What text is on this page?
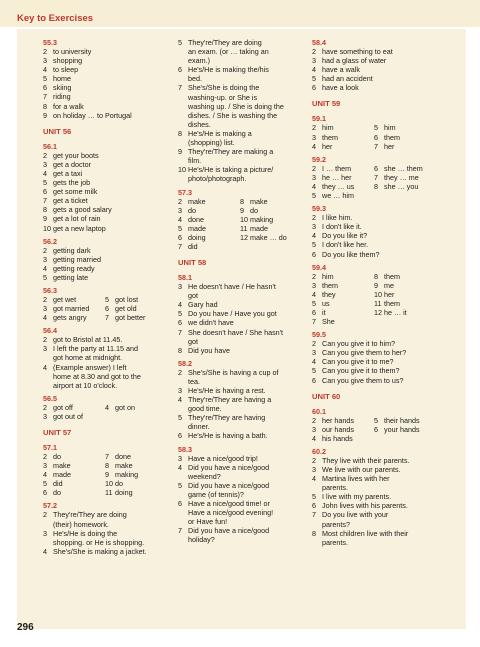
Key to Exercises
55.3
2 to university
3 shopping
4 to sleep
5 home
6 skiing
7 riding
8 for a walk
9 on holiday … to Portugal
UNIT 56
56.1
2 get your boots
3 get a doctor
4 get a taxi
5 gets the job
6 get some milk
7 get a ticket
8 gets a good salary
9 get a lot of rain
10 get a new laptop
56.2
2 getting dark
3 getting married
4 getting ready
5 getting late
56.3
2 get wet	5 got lost
3 got married	6 get old
4 gets angry	7 got better
56.4
2 got to Bristol at 11.45.
3 I left the party at 11.15 and
got home at midnight.
4 (Example answer) I left
home at 8.30 and got to the
airport at 10 o'clock.
56.5
2 got off	4 got on
3 got out of
UNIT 57
57.1
2 do	7 done
3 make	8 make
4 made	9 making
5 did	10 do
6 do	11 doing
57.2
2 They're/They are doing
(their) homework.
3 He's/He is doing the
shopping. or He is shopping.
4 She's/She is making a jacket.
5 They're/They are doing
an exam. (or … taking an
exam.)
6 He's/He is making the/his
bed.
7 She's/She is doing the
washing-up. or She is
washing up. / She is doing the
dishes. / She is washing the
dishes.
8 He's/He is making a
(shopping) list.
9 They're/They are making a
film.
10 He's/He is taking a picture/
photo/photograph.
57.3
2 make	8 make
3 do	9 do
4 done	10 making
5 made	11 made
6 doing	12 make … do
7 did
UNIT 58
58.1
3 He doesn't have / He hasn't
got
4 Gary had
5 Do you have / Have you got
6 we didn't have
7 She doesn't have / She hasn't
got
8 Did you have
58.2
2 She's/She is having a cup of
tea.
3 He's/He is having a rest.
4 They're/They are having a
good time.
5 They're/They are having
dinner.
6 He's/He is having a bath.
58.3
3 Have a nice/good trip!
4 Did you have a nice/good
weekend?
5 Did you have a nice/good
game (of tennis)?
6 Have a nice/good time! or
Have a nice/good evening!
or Have fun!
7 Did you have a nice/good
holiday?
58.4
2 have something to eat
3 had a glass of water
4 have a walk
5 had an accident
6 have a look
UNIT 59
59.1
2 him	5 him
3 them	6 them
4 her	7 her
59.2
2 I … them	6 she … them
3 he … her	7 they … me
4 they … us	8 she … you
5 we … him
59.3
2 I like him.
3 I don't like it.
4 Do you like it?
5 I don't like her.
6 Do you like them?
59.4
2 him	8 them
3 them	9 me
4 they	10 her
5 us	11 them
6 it	12 he … it
7 She
59.5
2 Can you give it to him?
3 Can you give them to her?
4 Can you give it to me?
5 Can you give it to them?
6 Can you give them to us?
UNIT 60
60.1
2 her hands	5 their hands
3 our hands	6 your hands
4 his hands
60.2
2 They live with their parents.
3 We live with our parents.
4 Martina lives with her
parents.
5 I live with my parents.
6 John lives with his parents.
7 Do you live with your
parents?
8 Most children live with their
parents.
296
